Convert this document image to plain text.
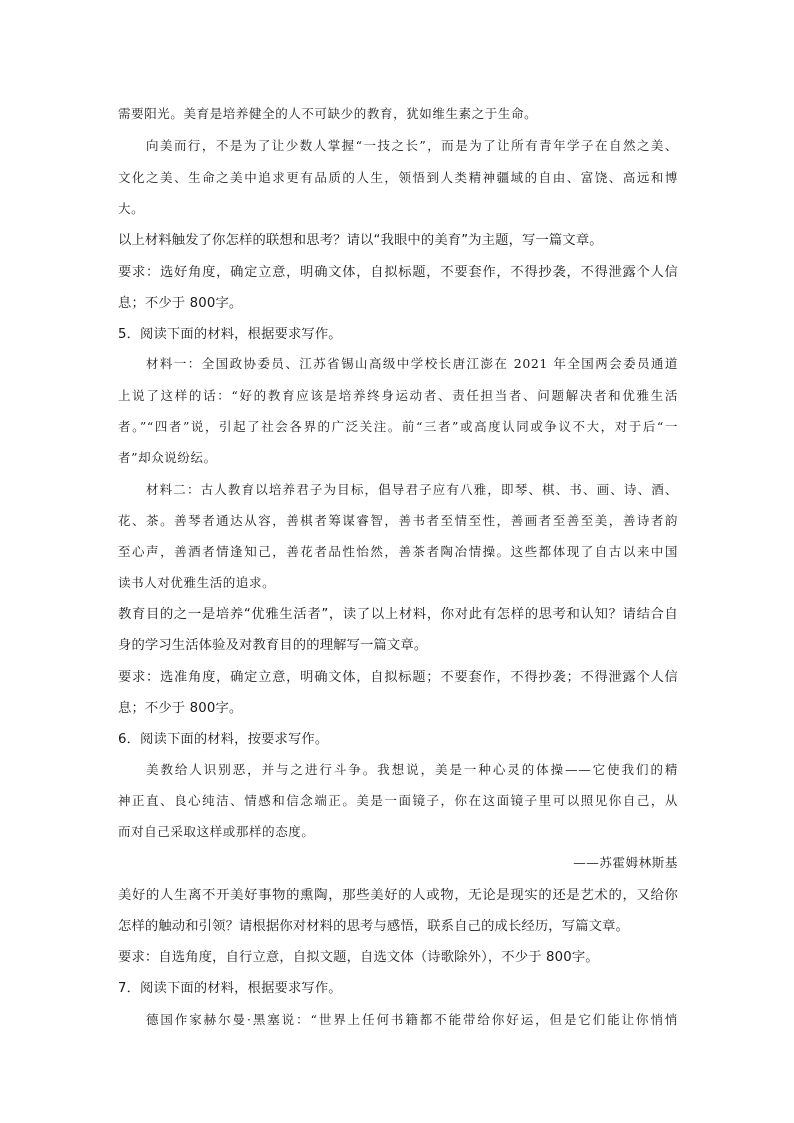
需要阳光。美育是培养健全的人不可缺少的教育，犹如维生素之于生命。
向美而行，不是为了让少数人掌握“一技之长”，而是为了让所有青年学子在自然之美、
文化之美、生命之美中追求更有品质的人生，领悟到人类精神疆域的自由、富饶、高远和博
大。
以上材料触发了你怎样的联想和思考？请以“我眼中的美育”为主题，写一篇文章。
要求：选好角度，确定立意，明确文体，自拟标题，不要套作，不得抄袭，不得泄露个人信
息；不少于 800字。
5．阅读下面的材料，根据要求写作。
材料一：全国政协委员、江苏省锡山高级中学校长唐江澎在 2021 年全国两会委员通道
上说了这样的话：“好的教育应该是培养终身运动者、责任担当者、问题解决者和优雅生活
者。”“四者”说，引起了社会各界的广泛关注。前“三者”或高度认同或争议不大，对于后“一
者”却众说纷纭。
材料二：古人教育以培养君子为目标，倡导君子应有八雅，即琴、棋、书、画、诗、酒、
花、茶。善琴者通达从容，善棋者筹谋睿智，善书者至情至性，善画者至善至美，善诗者韵
至心声，善酒者情逢知己，善花者品性怡然，善茶者陶冶情操。这些都体现了自古以来中国
读书人对优雅生活的追求。
教育目的之一是培养“优雅生活者”，读了以上材料，你对此有怎样的思考和认知？请结合自
身的学习生活体验及对教育目的的理解写一篇文章。
要求：选准角度，确定立意，明确文体，自拟标题；不要套作，不得抄袭；不得泄露个人信
息；不少于 800字。
6．阅读下面的材料，按要求写作。
美教给人识别恶，并与之进行斗争。我想说，美是一种心灵的体操——它使我们的精
神正直、良心纯洁、情感和信念端正。美是一面镜子，你在这面镜子里可以照见你自己，从
而对自己采取这样或那样的态度。
——苏霍姆林斯基
美好的人生离不开美好事物的熏陶，那些美好的人或物，无论是现实的还是艺术的，又给你
怎样的触动和引领？请根据你对材料的思考与感悟，联系自己的成长经历，写篇文章。
要求：自选角度，自行立意，自拟文题，自选文体（诗歌除外），不少于 800字。
7．阅读下面的材料，根据要求写作。
德国作家赫尔曼·黑塞说：“世界上任何书籍都不能带给你好运，但是它们能让你悄悄
